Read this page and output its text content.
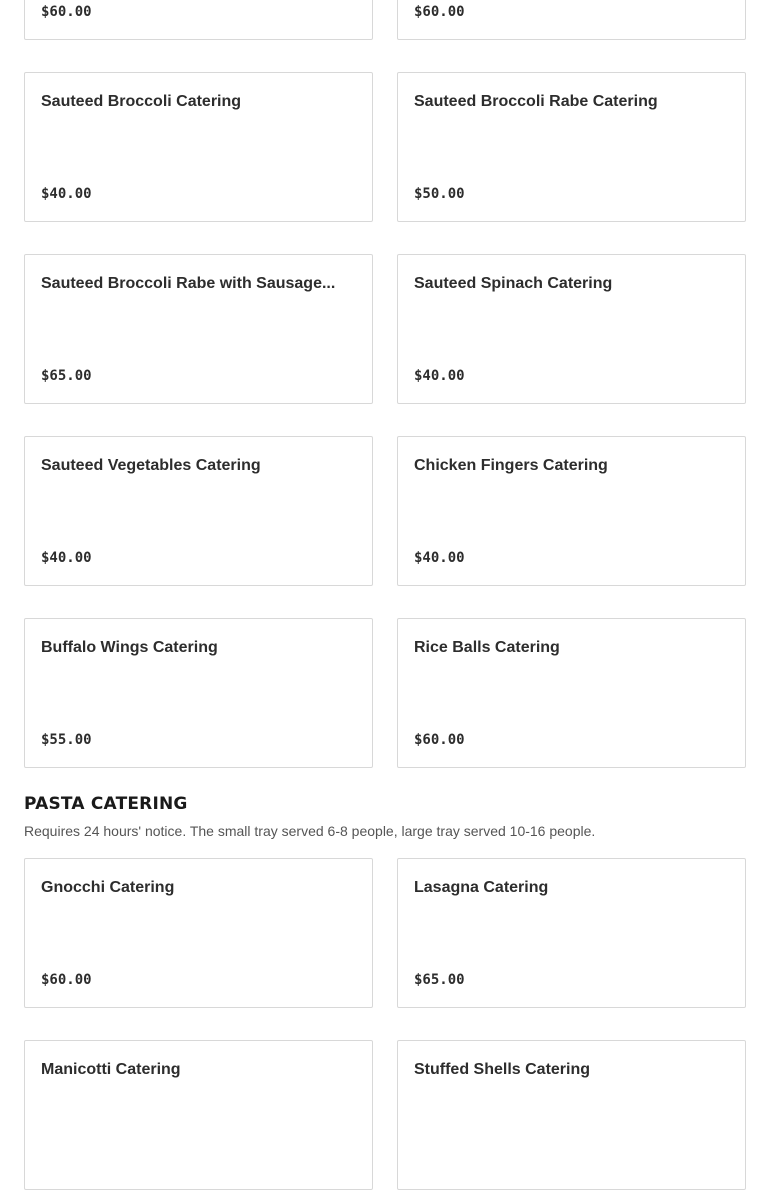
$60.00	$60.00
Sauteed Broccoli Catering
$40.00
Sauteed Broccoli Rabe Catering
$50.00
Sauteed Broccoli Rabe with Sausage...
$65.00
Sauteed Spinach Catering
$40.00
Sauteed Vegetables Catering
$40.00
Chicken Fingers Catering
$40.00
Buffalo Wings Catering
$55.00
Rice Balls Catering
$60.00
PASTA CATERING

Requires 24 hours' notice. The small tray served 6-8 people, large tray served 10-16 people.

Gnocchi Catering
$60.00
Lasagna Catering
$65.00
Manicotti Catering	Stuffed Shells Catering
